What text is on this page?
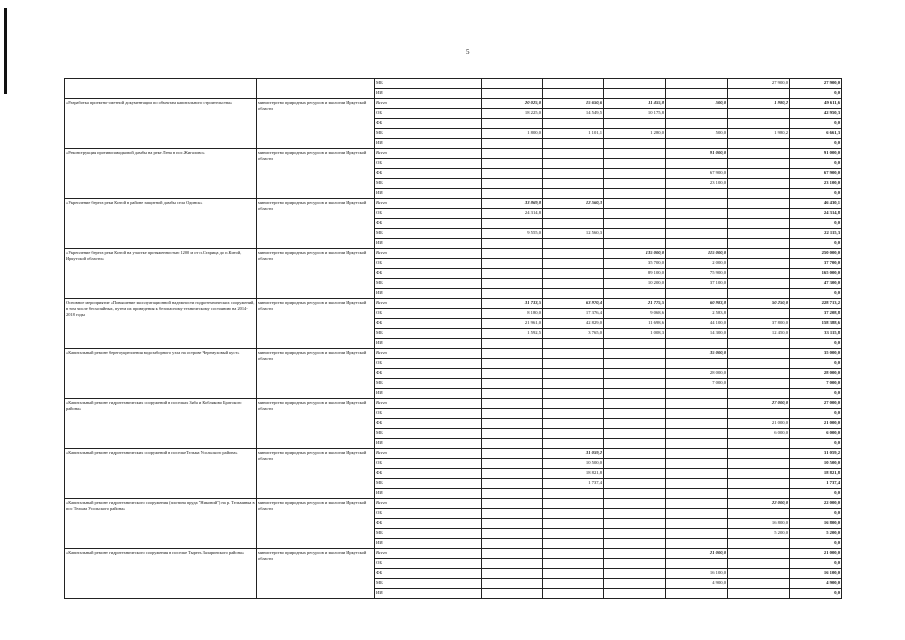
5
		МБ					27 900,0	27 900,0
		ИИ						0,0
«Разработка проектно-сметной документации по объектам капитального строительства»	министерство природных ресурсов и экологии Иркутской области	Всего	20 025,0	15 650,6	11 455,8	500,0	1 980,2	49 611,6
		ОБ	18 225,0	14 549,5	10 175,8			42 950,3
		ФБ						0,0
		МБ	1 800,0	1 101,1	1 280,0	500,0	1 980,2	6 661,3
		ИИ						0,0
«Реконструкция противопаводковой дамбы на реке Лена в пос.Жигалово»	министерство природных ресурсов и экологии Иркутской области	Всего				91 000,0		91 000,0
		ОБ						0,0
		ФБ				67 900,0		67 900,0
		МБ				23 100,0		23 100,0
		ИИ						0,0
«Укрепление берега реки Китой в районе защитной дамбы села Одинск»	министерство природных ресурсов и экологии Иркутской области	Всего	33 869,8	12 560,3				46 430,1
		ОБ	24 314,8					24 314,8
		ФБ						0,0
		МБ	9 555,0	12 560,3				22 115,3
		ИИ						0,0
«Укрепление берега реки Китой на участке протяженностью 1200 м от п.Старица до п.Китой, Иркутской области»	министерство природных ресурсов и экологии Иркутской области	Всего			135 000,0	115 000,0		250 000,0
		ОБ			35 700,0	2 000,0		37 700,0
		ФБ			89 100,0	75 900,0		165 000,0
		МБ			10 200,0	37 100,0		47 300,0
		ИИ						0,0
Основное мероприятие «Повышение эксплуатационной надежности гидротехнических сооружений, в том числе бесхозяйных, путем их приведения к безопасному техническому состоянию на 2014-2018 годы	министерство природных ресурсов и экологии Иркутской области	Всего	31 733,5	63 970,4	21 775,5	60 983,8	50 250,0	228 713,2
		ОБ	8 180,0	17 376,4	9 068,6	2 583,8		37 208,8
		ФБ	21 961,0	42 829,0	11 698,6	44 100,0	37 800,0	158 388,6
		МБ	1 592,5	3 765,0	1 008,3	14 300,0	12 450,0	33 115,8
		ИИ						0,0
«Капитальный ремонт берегоукрепления водозаборного узла на острове Черемуховый куст»	министерство природных ресурсов и экологии Иркутской области	Всего				35 000,0		35 000,0
		ОБ						0,0
		ФБ				28 000,0		28 000,0
		МБ				7 000,0		7 000,0
		ИИ						0,0
«Капитальный ремонт гидротехнических сооружений в поселках Зяба и Кобляково Братского района»	министерство природных ресурсов и экологии Иркутской области	Всего					27 000,0	27 000,0
		ОБ						0,0
		ФБ					21 000,0	21 000,0
		МБ					6 000,0	6 000,0
		ИИ						0,0
«Капитальный ремонт гидротехнических сооружений в поселкеТельма Усольского района»	министерство природных ресурсов и экологии Иркутской области	Всего		31 059,2				31 059,2
		ОБ		10 500,0				10 500,0
		ФБ		18 821,8				18 821,8
		МБ		1 737,4				1 737,4
		ИИ						0,0
«Капитальный ремонт гидротехнического сооружения (плотина пруда "Никоний") на р. Тельминка в пос Тельма Усольского района»	министерство природных ресурсов и экологии Иркутской области	Всего					22 000,0	22 000,0
		ОБ						0,0
		ФБ					16 800,0	16 800,0
		МБ					5 200,0	5 200,0
		ИИ						0,0
«Капитальный ремонт гидротехнического сооружения в поселке Тырегь Заларинского района»	министерство природных ресурсов и экологии Иркутской области	Всего				21 000,0		21 000,0
		ОБ						0,0
		ФБ				16 100,0		16 100,0
		МБ				4 900,0		4 900,0
		ИИ						0,0
